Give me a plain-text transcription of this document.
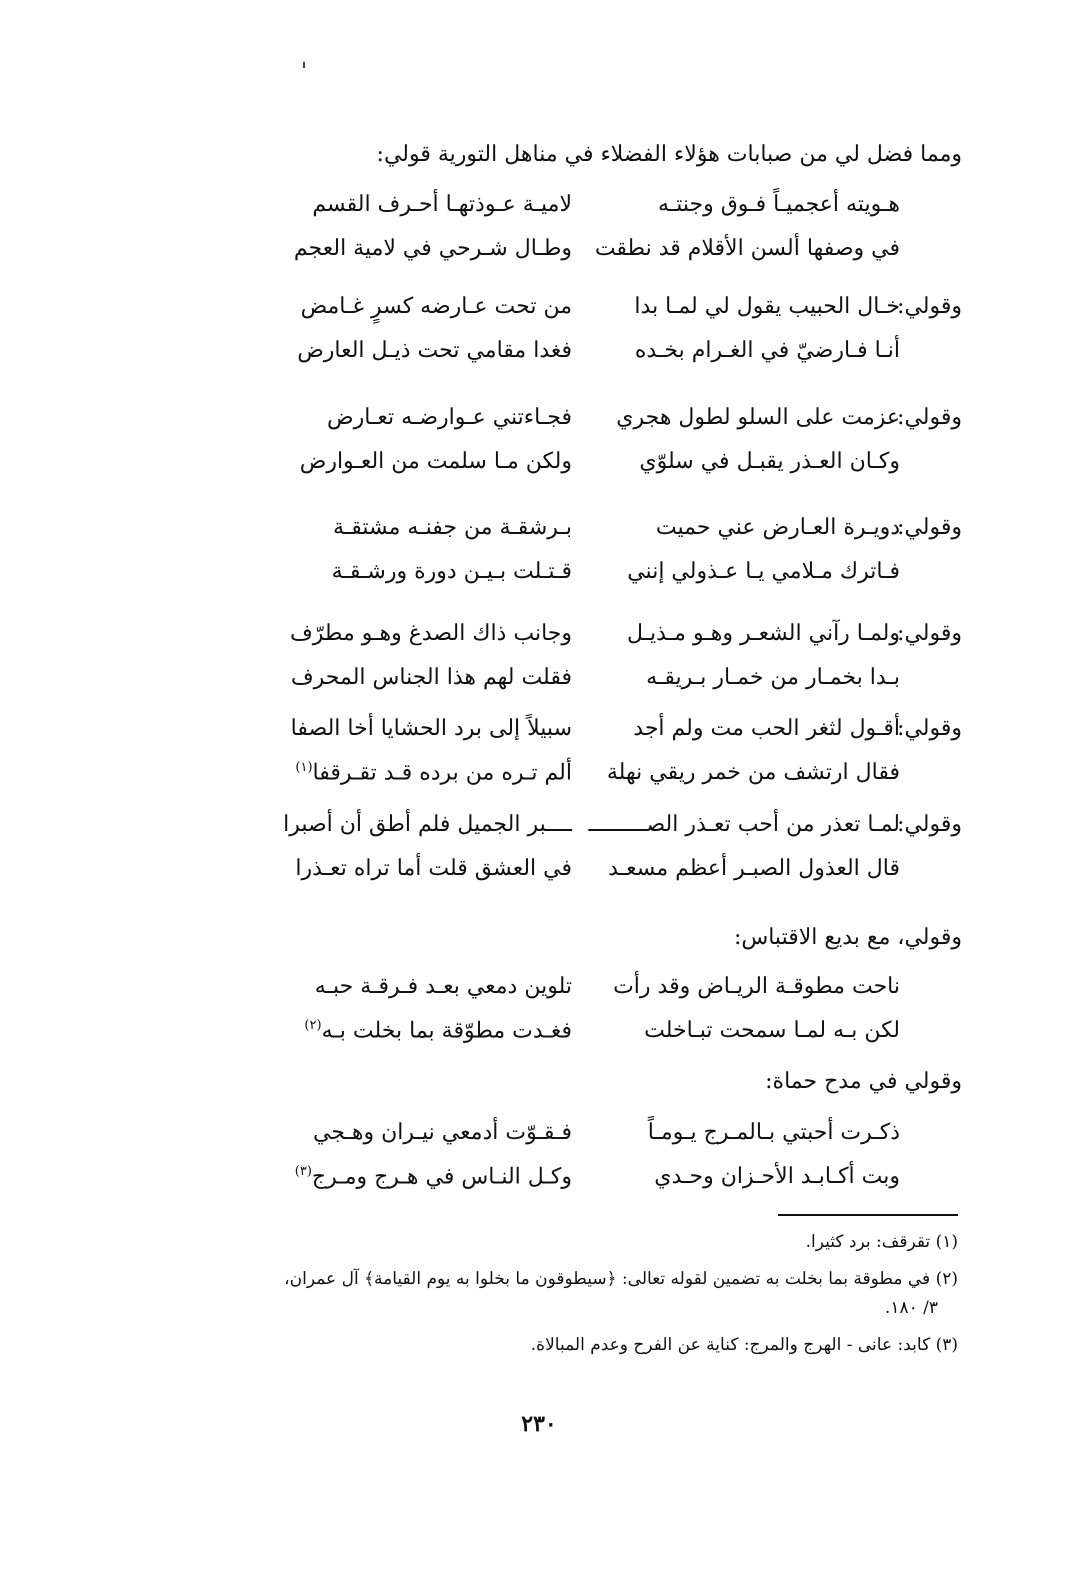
ومما فضل لي من صبابات هؤلاء الفضلاء في مناهل التورية قولي:
هـويته أعجميـاً فـوق وجنتـه
لاميـة عـوذتهـا أحـرف القسم
في وصفها ألسن الأقلام قد نطقت
وطـال شـرحي في لامية العجم
وقولي:
خـال الحبيب يقول لي لمـا بدا
من تحت عـارضه كسرٍ غـامض
أنـا فـارضيّ في الغـرام بخـده
فغدا مقامي تحت ذيـل العارض
وقولي:
عزمت على السلو لطول هجري
فجـاءتني عـوارضـه تعـارض
وكـان العـذر يقبـل في سلوّي
ولكن مـا سلمت من العـوارض
وقولي:
دويـرة العـارض عني حميت
بـرشقـة من جفنـه مشتقـة
فـاترك مـلامي يـا عـذولي إنني
قـتـلت بـيـن دورة ورشـقـة
وقولي:
ولمـا رآني الشعـر وهـو مـذيـل
وجانب ذاك الصدغ وهـو مطرّف
بـدا بخمـار من خمـار بـريقـه
فقلت لهم هذا الجناس المحرف
وقولي:
أقـول لثغر الحب مت ولم أجد
سبيلاً إلى برد الحشايا أخا الصفا
فقال ارتشف من خمر ريقي نهلة
ألم تـره من برده قـد تقـرقفا$^{(١)}$
وقولي:
لمـا تعذر من أحب تعـذر الصـــــــــ
ــــبر الجميل فلم أطق أن أصبرا
قال العذول الصبـر أعظم مسعـد
في العشق قلت أما تراه تعـذرا
وقولي، مع بديع الاقتباس:
ناحت مطوقـة الريـاض وقد رأت
تلوين دمعي بعـد فـرقـة حبـه
لكن بـه لمـا سمحت تبـاخلت
فغـدت مطوّقة بما بخلت بـه$^{(٢)}$
وقولي في مدح حماة:
ذكـرت أحبتي بـالمـرج يـومـاً
فـقـوّت أدمعي نيـران وهـجي
وبت أكـابـد الأحـزان وحـدي
وكـل النـاس في هـرج ومـرج$^{(٣)}$
(١) تقرقف: برد كثيرا.
(٢) في مطوقة بما بخلت به تضمين لقوله تعالى: ﴿سيطوقون ما بخلوا به يوم القيامة﴾ آل عمران،
٣/ ١٨٠.
(٣) كابد: عانى - الهرج والمرج: كناية عن الفرح وعدم المبالاة.
٢٣٠
